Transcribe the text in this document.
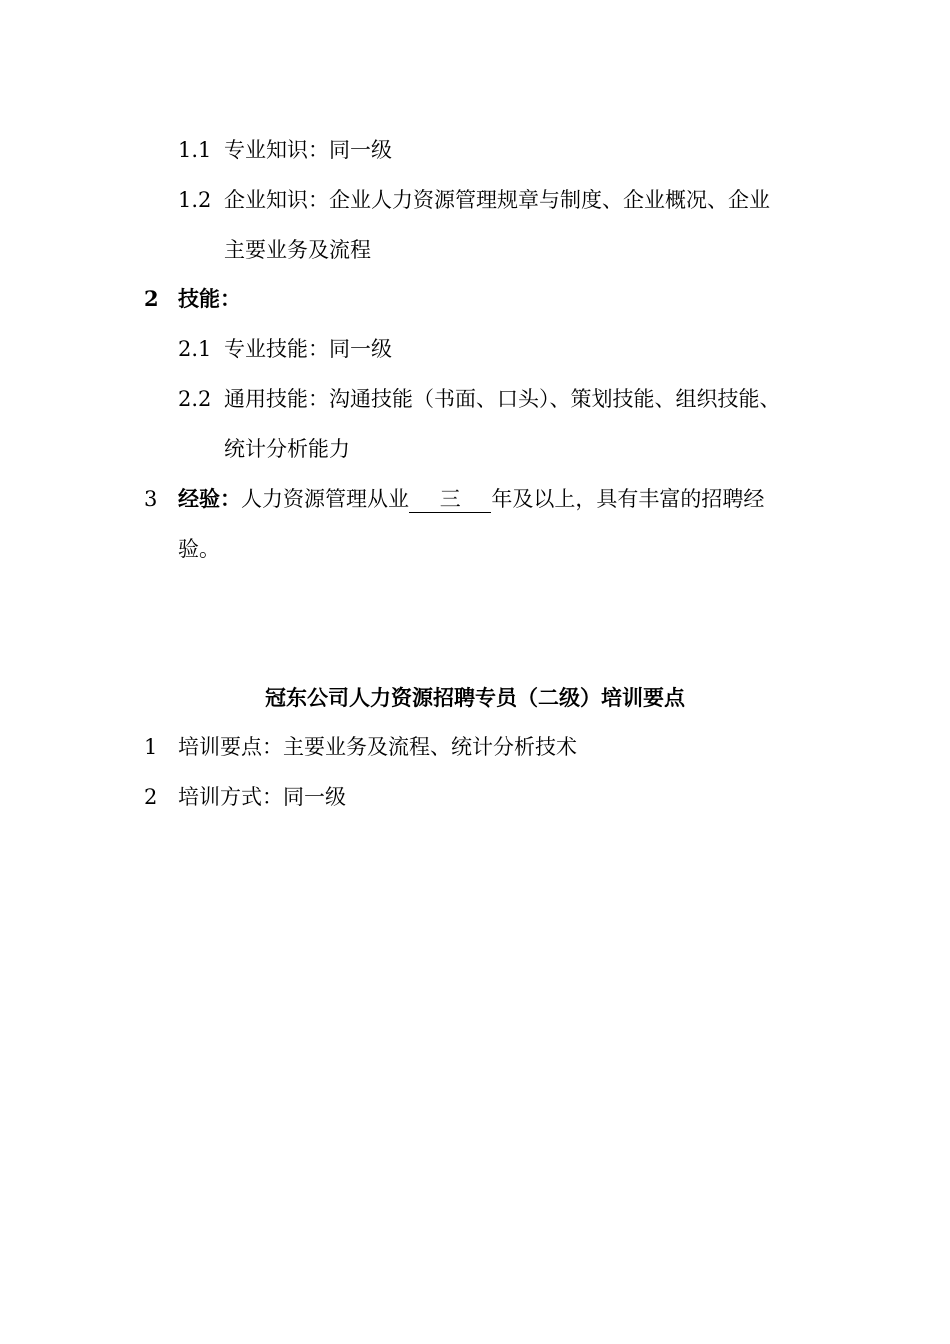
1.1 专业知识：同一级
1.2 企业知识：企业人力资源管理规章与制度、企业概况、企业
主要业务及流程
2 技能：
2.1 专业技能：同一级
2.2 通用技能：沟通技能（书面、口头）、策划技能、组织技能、
统计分析能力
3 经验：人力资源管理从业 三 年及以上，具有丰富的招聘经
验。
冠东公司人力资源招聘专员（二级）培训要点
1 培训要点：主要业务及流程、统计分析技术
2 培训方式：同一级
